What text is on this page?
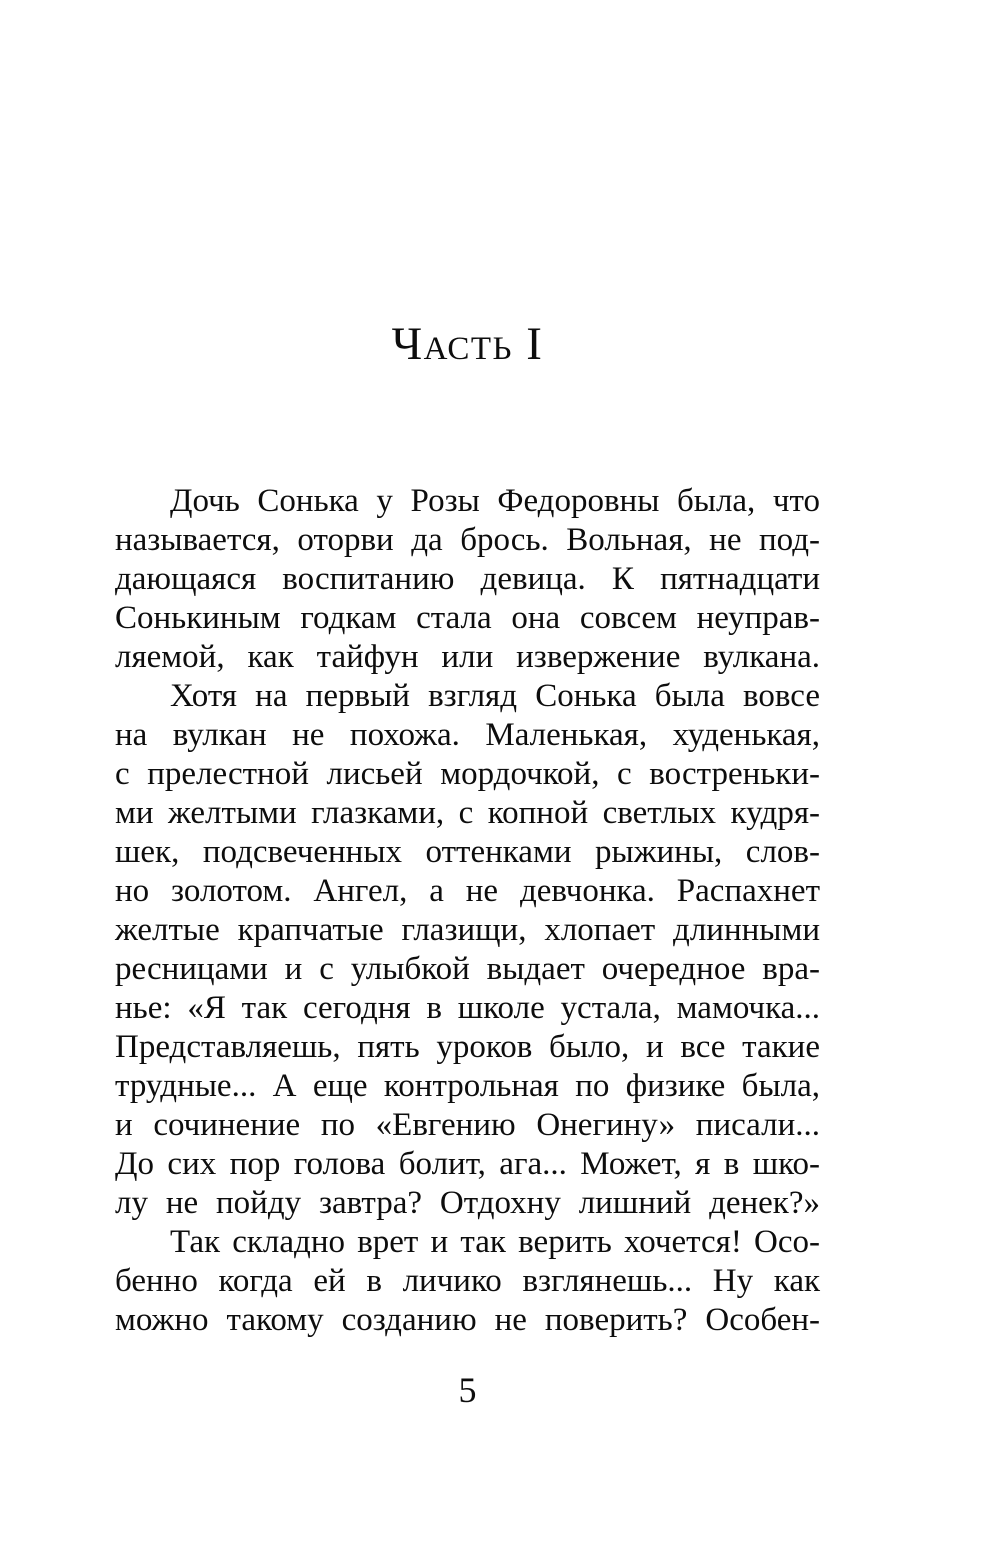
Часть I
Дочь Сонька у Розы Федоровны была, что
называется, оторви да брось. Вольная, не под-
дающаяся воспитанию девица. К пятнадцати
Сонькиным годкам стала она совсем неуправ-
ляемой, как тайфун или извержение вулкана.
Хотя на первый взгляд Сонька была вовсе
на вулкан не похожа. Маленькая, худенькая,
с прелестной лисьей мордочкой, с востреньки-
ми желтыми глазками, с копной светлых кудря-
шек, подсвеченных оттенками рыжины, слов-
но золотом. Ангел, а не девчонка. Распахнет
желтые крапчатые глазищи, хлопает длинными
ресницами и с улыбкой выдает очередное вра-
нье: «Я так сегодня в школе устала, мамочка...
Представляешь, пять уроков было, и все такие
трудные... А еще контрольная по физике была,
и сочинение по «Евгению Онегину» писали...
До сих пор голова болит, ага... Может, я в шко-
лу не пойду завтра? Отдохну лишний денек?»
Так складно врет и так верить хочется! Осо-
бенно когда ей в личико взглянешь... Ну как
можно такому созданию не поверить? Особен-
5
